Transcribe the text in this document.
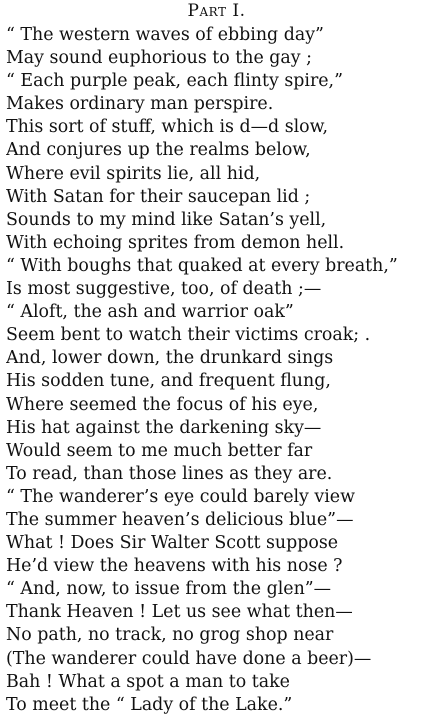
Part I.
“ The western waves of ebbing day”
May sound euphorious to the gay ;
“ Each purple peak, each flinty spire,”
Makes ordinary man perspire.
This sort of stuff, which is d—d slow,
And conjures up the realms below,
Where evil spirits lie, all hid,
With Satan for their saucepan lid ;
Sounds to my mind like Satan’s yell,
With echoing sprites from demon hell.
“ With boughs that quaked at every breath,”
Is most suggestive, too, of death ;—
“ Aloft, the ash and warrior oak”
Seem bent to watch their victims croak; .
And, lower down, the drunkard sings
His sodden tune, and frequent flung,
Where seemed the focus of his eye,
His hat against the darkening sky—
Would seem to me much better far
To read, than those lines as they are.
“ The wanderer’s eye could barely view
The summer heaven’s delicious blue”—
What ! Does Sir Walter Scott suppose
He’d view the heavens with his nose ?
“ And, now, to issue from the glen”—
Thank Heaven ! Let us see what then—
No path, no track, no grog shop near
(The wanderer could have done a beer)—
Bah ! What a spot a man to take
To meet the “ Lady of the Lake.”
